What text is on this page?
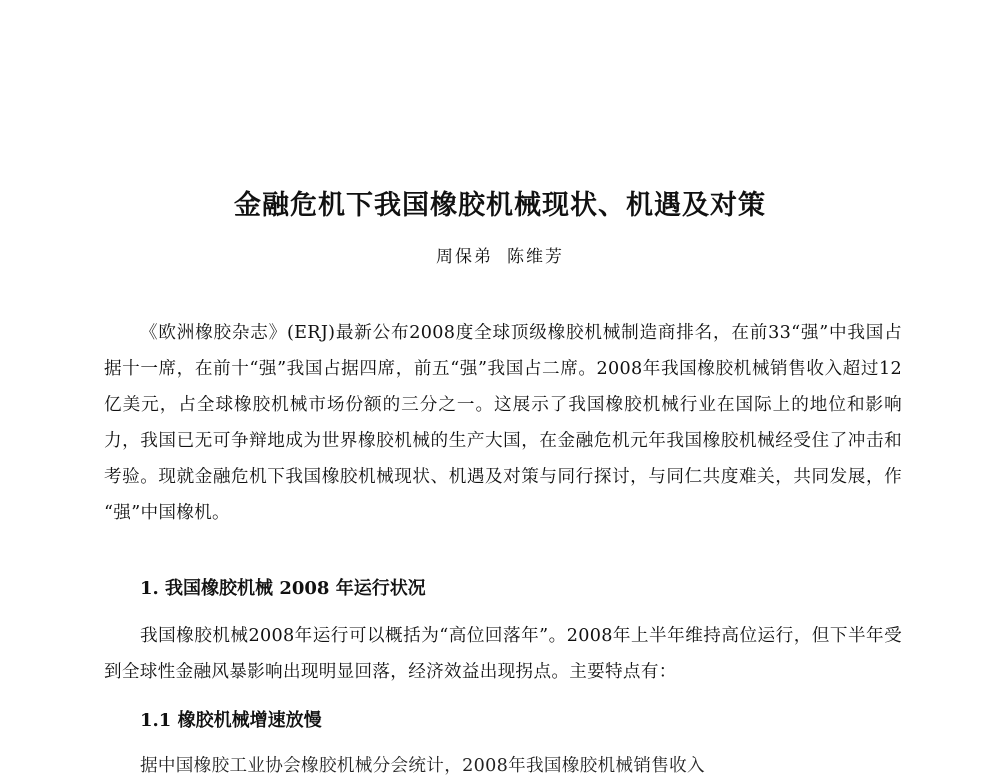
金融危机下我国橡胶机械现状、机遇及对策
周保弟 陈维芳

《欧洲橡胶杂志》(ERJ)最新公布2008度全球顶级橡胶机械制造商排名，在前33“强”中我国占据十一席，在前十“强”我国占据四席，前五“强”我国占二席。2008年我国橡胶机械销售收入超过12亿美元，占全球橡胶机械市场份额的三分之一。这展示了我国橡胶机械行业在国际上的地位和影响力，我国已无可争辩地成为世界橡胶机械的生产大国，在金融危机元年我国橡胶机械经受住了冲击和考验。现就金融危机下我国橡胶机械现状、机遇及对策与同行探讨，与同仁共度难关，共同发展，作 “强”中国橡机。

1. 我国橡胶机械 2008 年运行状况

我国橡胶机械2008年运行可以概括为“高位回落年”。2008年上半年维持高位运行，但下半年受到全球性金融风暴影响出现明显回落，经济效益出现拐点。主要特点有：

1.1 橡胶机械增速放慢

据中国橡胶工业协会橡胶机械分会统计，2008年我国橡胶机械销售收入
